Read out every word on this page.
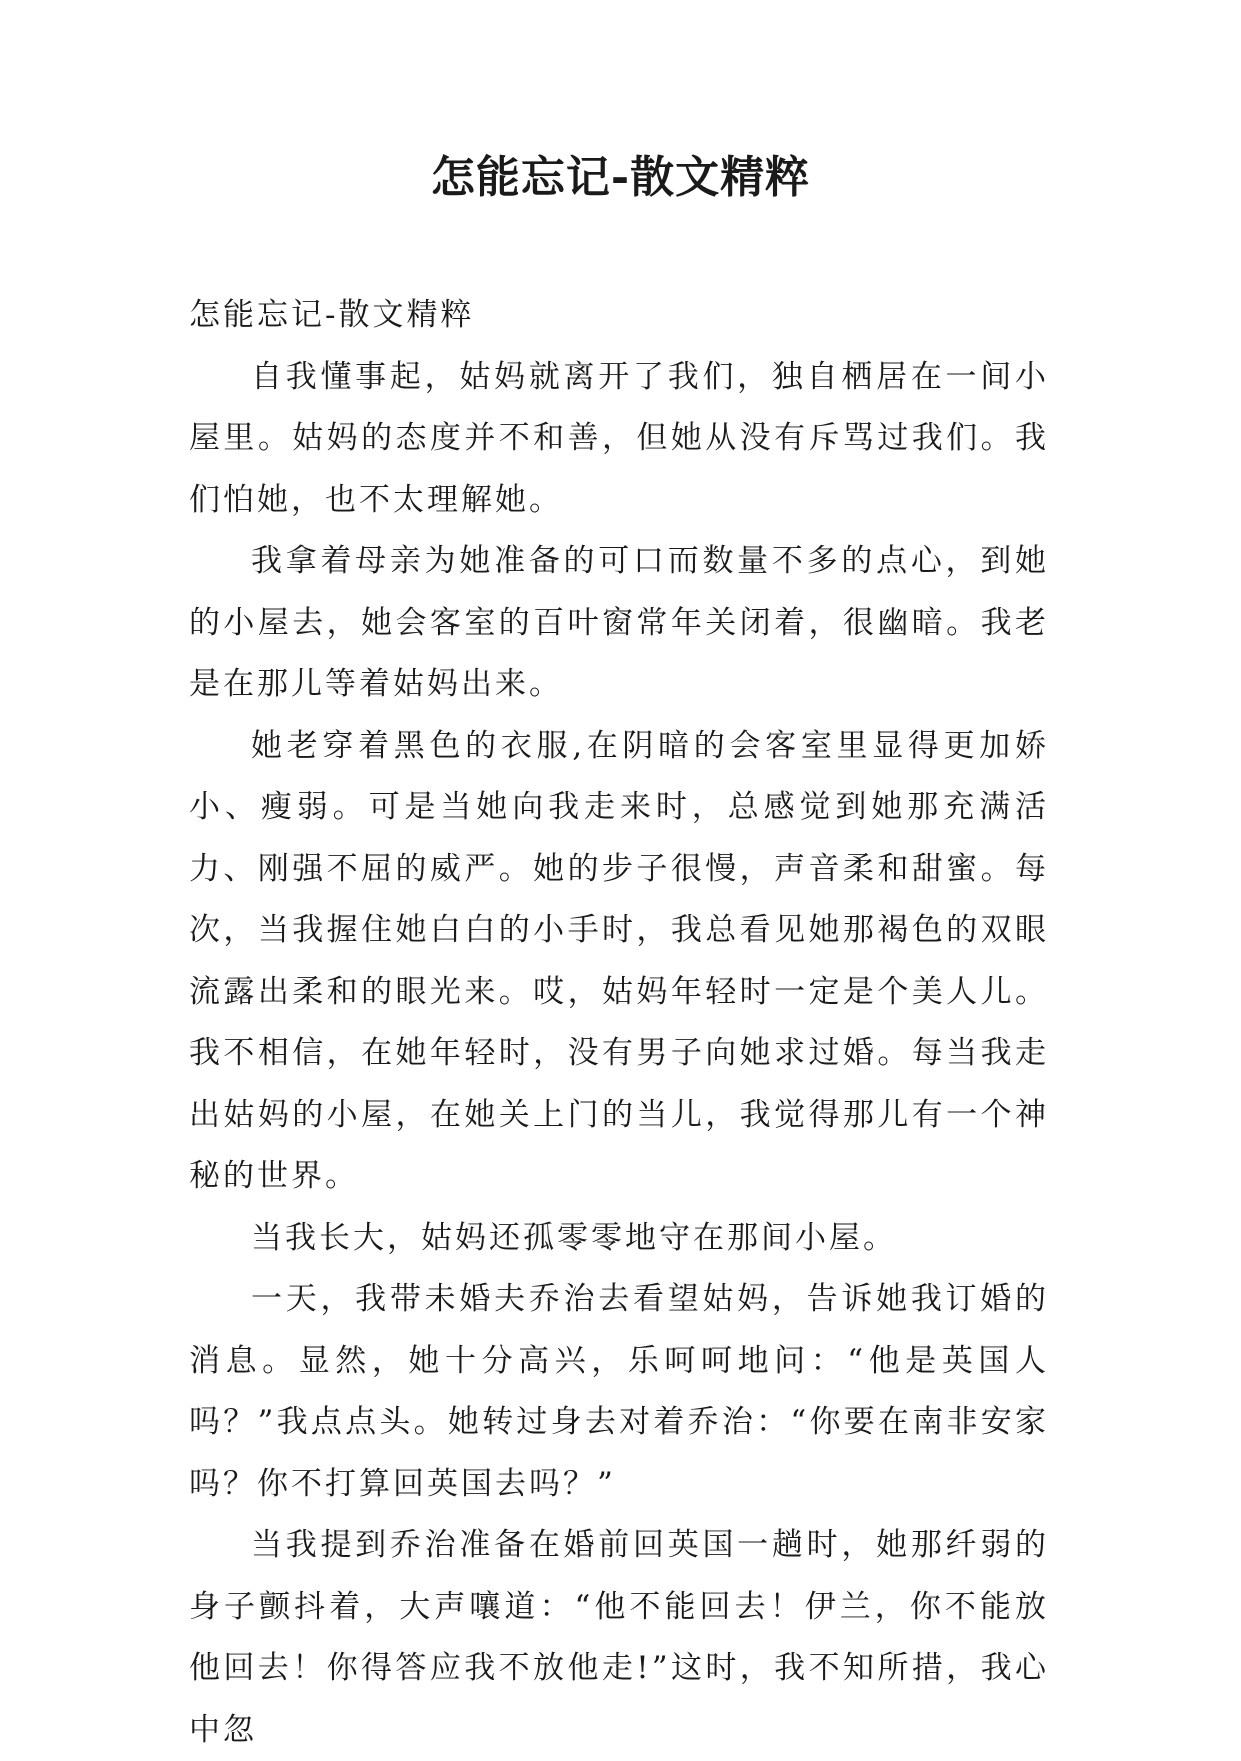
怎能忘记-散文精粹

怎能忘记-散文精粹

自我懂事起，姑妈就离开了我们，独自栖居在一间小屋里。姑妈的态度并不和善，但她从没有斥骂过我们。我们怕她，也不太理解她。

我拿着母亲为她准备的可口而数量不多的点心，到她的小屋去，她会客室的百叶窗常年关闭着，很幽暗。我老是在那儿等着姑妈出来。

她老穿着黑色的衣服,在阴暗的会客室里显得更加娇小、瘦弱。可是当她向我走来时，总感觉到她那充满活力、刚强不屈的威严。她的步子很慢，声音柔和甜蜜。每次，当我握住她白白的小手时，我总看见她那褐色的双眼流露出柔和的眼光来。哎，姑妈年轻时一定是个美人儿。我不相信，在她年轻时，没有男子向她求过婚。每当我走出姑妈的小屋，在她关上门的当儿，我觉得那儿有一个神秘的世界。

当我长大，姑妈还孤零零地守在那间小屋。

一天，我带未婚夫乔治去看望姑妈，告诉她我订婚的消息。显然，她十分高兴，乐呵呵地问：“他是英国人吗？”我点点头。她转过身去对着乔治：“你要在南非安家吗？你不打算回英国去吗？”

当我提到乔治准备在婚前回英国一趟时，她那纤弱的身子颤抖着，大声嚷道：“他不能回去！伊兰，你不能放他回去！你得答应我不放他走!”这时，我不知所措，我心中忽
